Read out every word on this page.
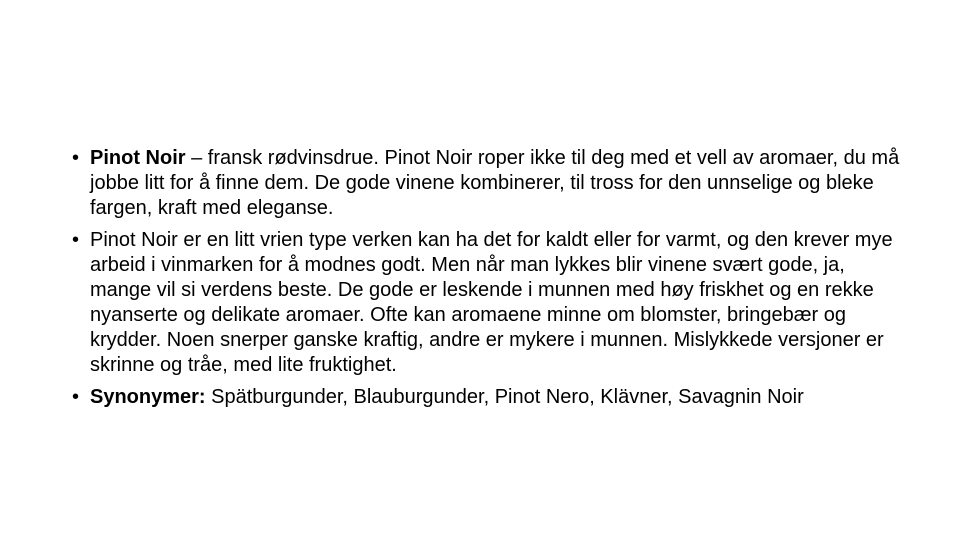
• Pinot Noir – fransk rødvinsdrue. Pinot Noir roper ikke til deg med et vell av aromaer, du må jobbe litt for å finne dem. De gode vinene kombinerer, til tross for den unnselige og bleke fargen, kraft med eleganse.
• Pinot Noir er en litt vrien type verken kan ha det for kaldt eller for varmt, og den krever mye arbeid i vinmarken for å modnes godt. Men når man lykkes blir vinene svært gode, ja, mange vil si verdens beste. De gode er leskende i munnen med høy friskhet og en rekke nyanserte og delikate aromaer. Ofte kan aromaene minne om blomster, bringebær og krydder. Noen snerper ganske kraftig, andre er mykere i munnen. Mislykkede versjoner er skrinne og tråe, med lite fruktighet.
• Synonymer: Spätburgunder, Blauburgunder, Pinot Nero, Klävner, Savagnin Noir
